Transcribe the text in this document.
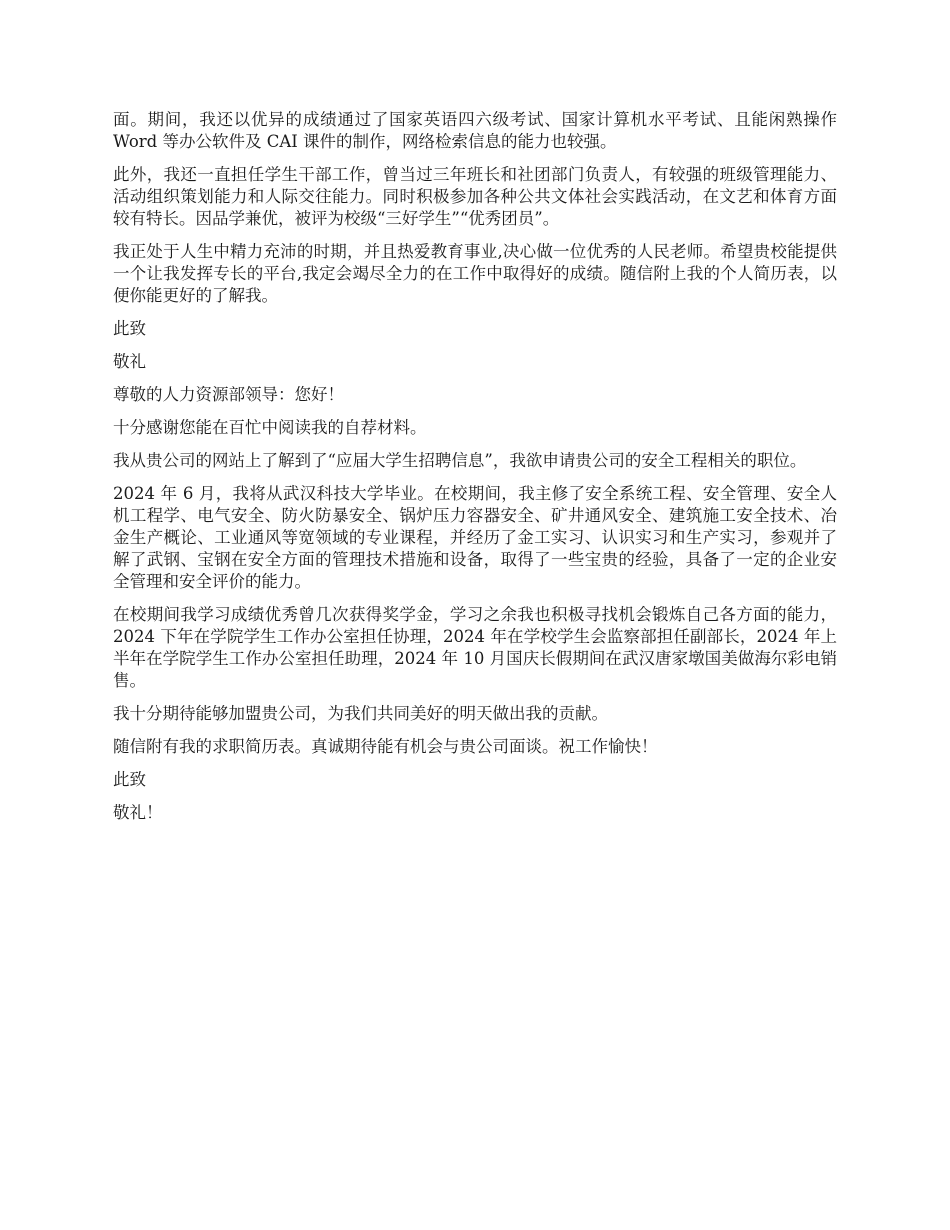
面。期间，我还以优异的成绩通过了国家英语四六级考试、国家计算机水平考试、且能闲熟操作 Word 等办公软件及 CAI 课件的制作，网络检索信息的能力也较强。

此外，我还一直担任学生干部工作，曾当过三年班长和社团部门负责人，有较强的班级管理能力、活动组织策划能力和人际交往能力。同时积极参加各种公共文体社会实践活动，在文艺和体育方面较有特长。因品学兼优，被评为校级“三好学生”“优秀团员”。

我正处于人生中精力充沛的时期，并且热爱教育事业,决心做一位优秀的人民老师。希望贵校能提供一个让我发挥专长的平台,我定会竭尽全力的在工作中取得好的成绩。随信附上我的个人简历表，以便你能更好的了解我。

此致

敬礼

尊敬的人力资源部领导：您好！

十分感谢您能在百忙中阅读我的自荐材料。

我从贵公司的网站上了解到了“应届大学生招聘信息”，我欲申请贵公司的安全工程相关的职位。

2024 年 6 月，我将从武汉科技大学毕业。在校期间，我主修了安全系统工程、安全管理、安全人机工程学、电气安全、防火防暴安全、锅炉压力容器安全、矿井通风安全、建筑施工安全技术、冶金生产概论、工业通风等宽领域的专业课程，并经历了金工实习、认识实习和生产实习，参观并了解了武钢、宝钢在安全方面的管理技术措施和设备，取得了一些宝贵的经验，具备了一定的企业安全管理和安全评价的能力。

在校期间我学习成绩优秀曾几次获得奖学金，学习之余我也积极寻找机会锻炼自己各方面的能力，2024 下年在学院学生工作办公室担任协理，2024 年在学校学生会监察部担任副部长，2024 年上半年在学院学生工作办公室担任助理，2024 年 10 月国庆长假期间在武汉唐家墩国美做海尔彩电销售。

我十分期待能够加盟贵公司，为我们共同美好的明天做出我的贡献。

随信附有我的求职简历表。真诚期待能有机会与贵公司面谈。祝工作愉快！

此致

敬礼！
